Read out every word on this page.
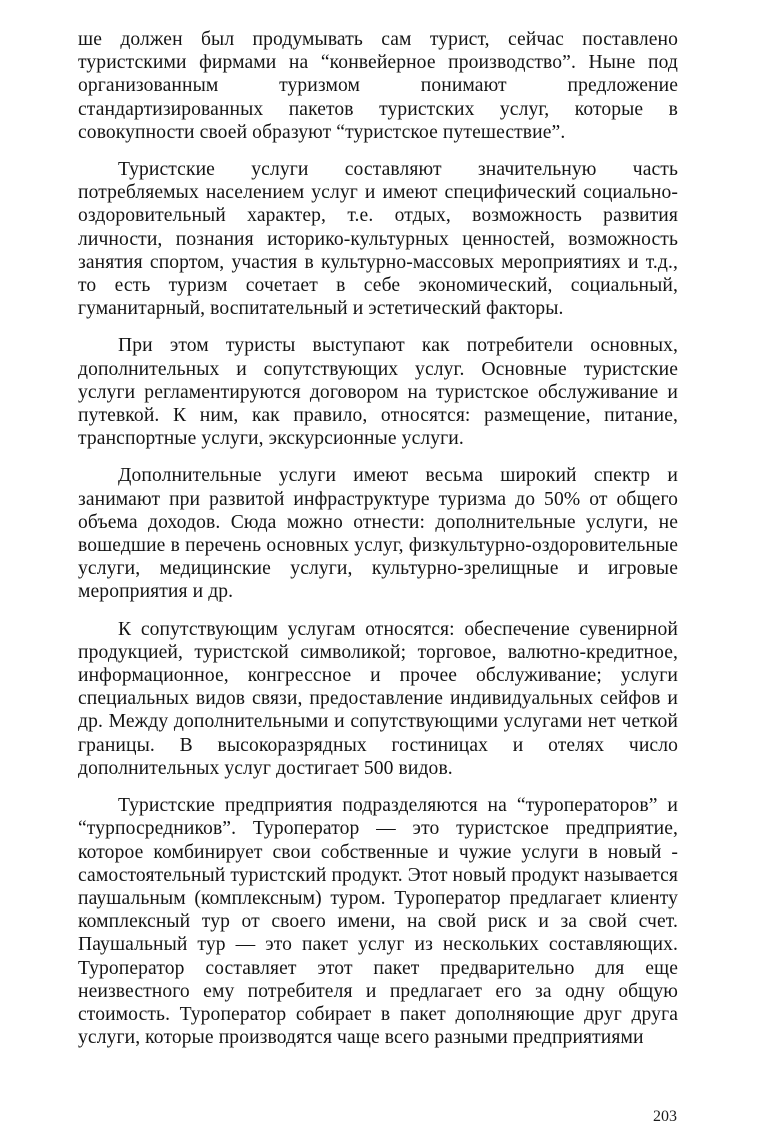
ше должен был продумывать сам турист, сейчас поставлено туристскими фирмами на “конвейерное производство”. Ныне под организованным туризмом понимают предложение стандартизированных пакетов туристских услуг, которые в совокупности своей образуют “туристское путешествие”.

Туристские услуги составляют значительную часть потребляемых населением услуг и имеют специфический социально-оздоровительный характер, т.е. отдых, возможность развития личности, познания историко-культурных ценностей, возможность занятия спортом, участия в культурно-массовых мероприятиях и т.д., то есть туризм сочетает в себе экономический, социальный, гуманитарный, воспитательный и эстетический факторы.

При этом туристы выступают как потребители основных, дополнительных и сопутствующих услуг. Основные туристские услуги регламентируются договором на туристское обслуживание и путевкой. К ним, как правило, относятся: размещение, питание, транспортные услуги, экскурсионные услуги.

Дополнительные услуги имеют весьма широкий спектр и занимают при развитой инфраструктуре туризма до 50% от общего объема доходов. Сюда можно отнести: дополнительные услуги, не вошедшие в перечень основных услуг, физкультурно-оздоровительные услуги, медицинские услуги, культурно-зрелищные и игровые мероприятия и др.

К сопутствующим услугам относятся: обеспечение сувенирной продукцией, туристской символикой; торговое, валютно-кредитное, информационное, конгрессное и прочее обслуживание; услуги специальных видов связи, предоставление индивидуальных сейфов и др. Между дополнительными и сопутствующими услугами нет четкой границы. В высокоразрядных гостиницах и отелях число дополнительных услуг достигает 500 видов.

Туристские предприятия подразделяются на “туроператоров” и “турпосредников”. Туроператор — это туристское предприятие, которое комбинирует свои собственные и чужие услуги в новый - самостоятельный туристский продукт. Этот новый продукт называется паушальным (комплексным) туром. Туроператор предлагает клиенту комплексный тур от своего имени, на свой риск и за свой счет. Паушальный тур — это пакет услуг из нескольких составляющих. Туроператор составляет этот пакет предварительно для еще неизвестного ему потребителя и предлагает его за одну общую стоимость. Туроператор собирает в пакет дополняющие друг друга услуги, которые производятся чаще всего разными предприятиями

203
